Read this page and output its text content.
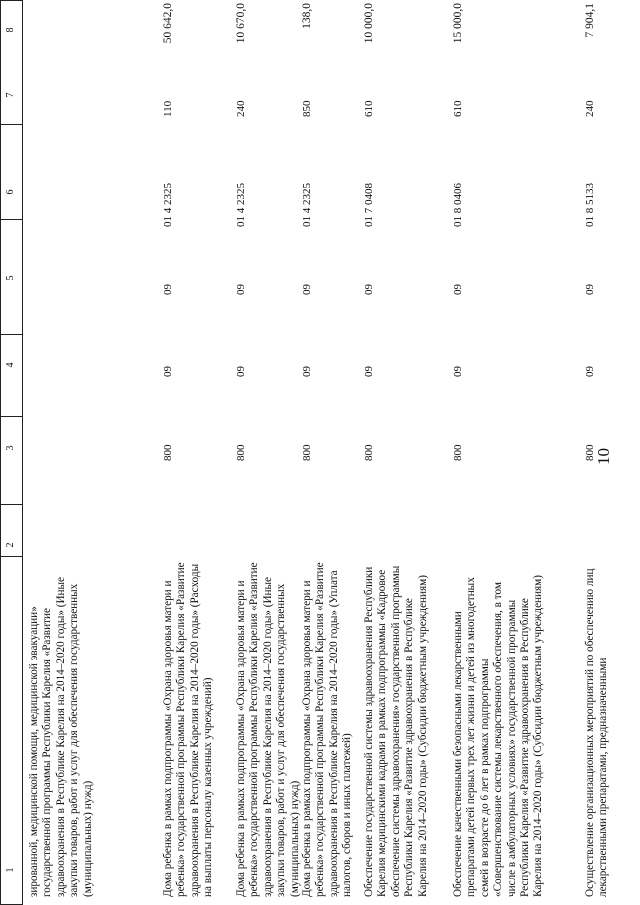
10
1
2
3
4
5
6
7
8
зированной, медицинской помощи, медицинской эвакуации» государственной программы Республики Карелия «Развитие здравоохранения в Республике Карелия на 2014–2020 годы» (Иные закупки товаров, работ и услуг для обеспечения государственных (муниципальных) нужд)	Дома ребенка в рамках подпрограммы «Охрана здоровья матери и ребенка» государственной программы Республики Карелия «Развитие здравоохранения в Республике Карелия на 2014–2020 годы» (Расходы на выплаты персоналу казенных учреждений)
800
09
09
01 4 2325
110
50 642,0
Дома ребенка в рамках подпрограммы «Охрана здоровья матери и ребенка» государственной программы Республики Карелия «Развитие здравоохранения в Республике Карелия на 2014–2020 годы» (Иные закупки товаров, работ и услуг для обеспечения государственных (муниципальных) нужд)
800
09
09
01 4 2325
240
10 670,0
Дома ребенка в рамках подпрограммы «Охрана здоровья матери и ребенка» государственной программы Республики Карелия «Развитие здравоохранения в Республике Карелия на 2014–2020 годы» (Уплата налогов, сборов и иных платежей)
800
09
09
01 4 2325
850
138,0
Обеспечение государственной системы здравоохранения Республики Карелия медицинскими кадрами в рамках подпрограммы «Кадровое обеспечение системы здравоохранения» государственной программы Республики Карелия «Развитие здравоохранения в Республике Карелия на 2014–2020 годы» (Субсидии бюджетным учреждениям)
800
09
09
01 7 0408
610
10 000,0
Обеспечение качественными безопасными лекарственными препаратами детей первых трех лет жизни и детей из многодетных семей в возрасте до 6 лет в рамках подпрограммы «Совершенствование системы лекарственного обеспечения, в том числе в амбулаторных условиях» государственной программы Республики Карелия «Развитие здравоохранения в Республике Карелия на 2014–2020 годы» (Субсидии бюджетным учреждениям)
800
09
09
01 8 0406
610
15 000,0
Осуществление организационных мероприятий по обеспечению лиц лекарственными препаратами, предназначенными
800
09
09
01 8 5133
240
7 904,1
